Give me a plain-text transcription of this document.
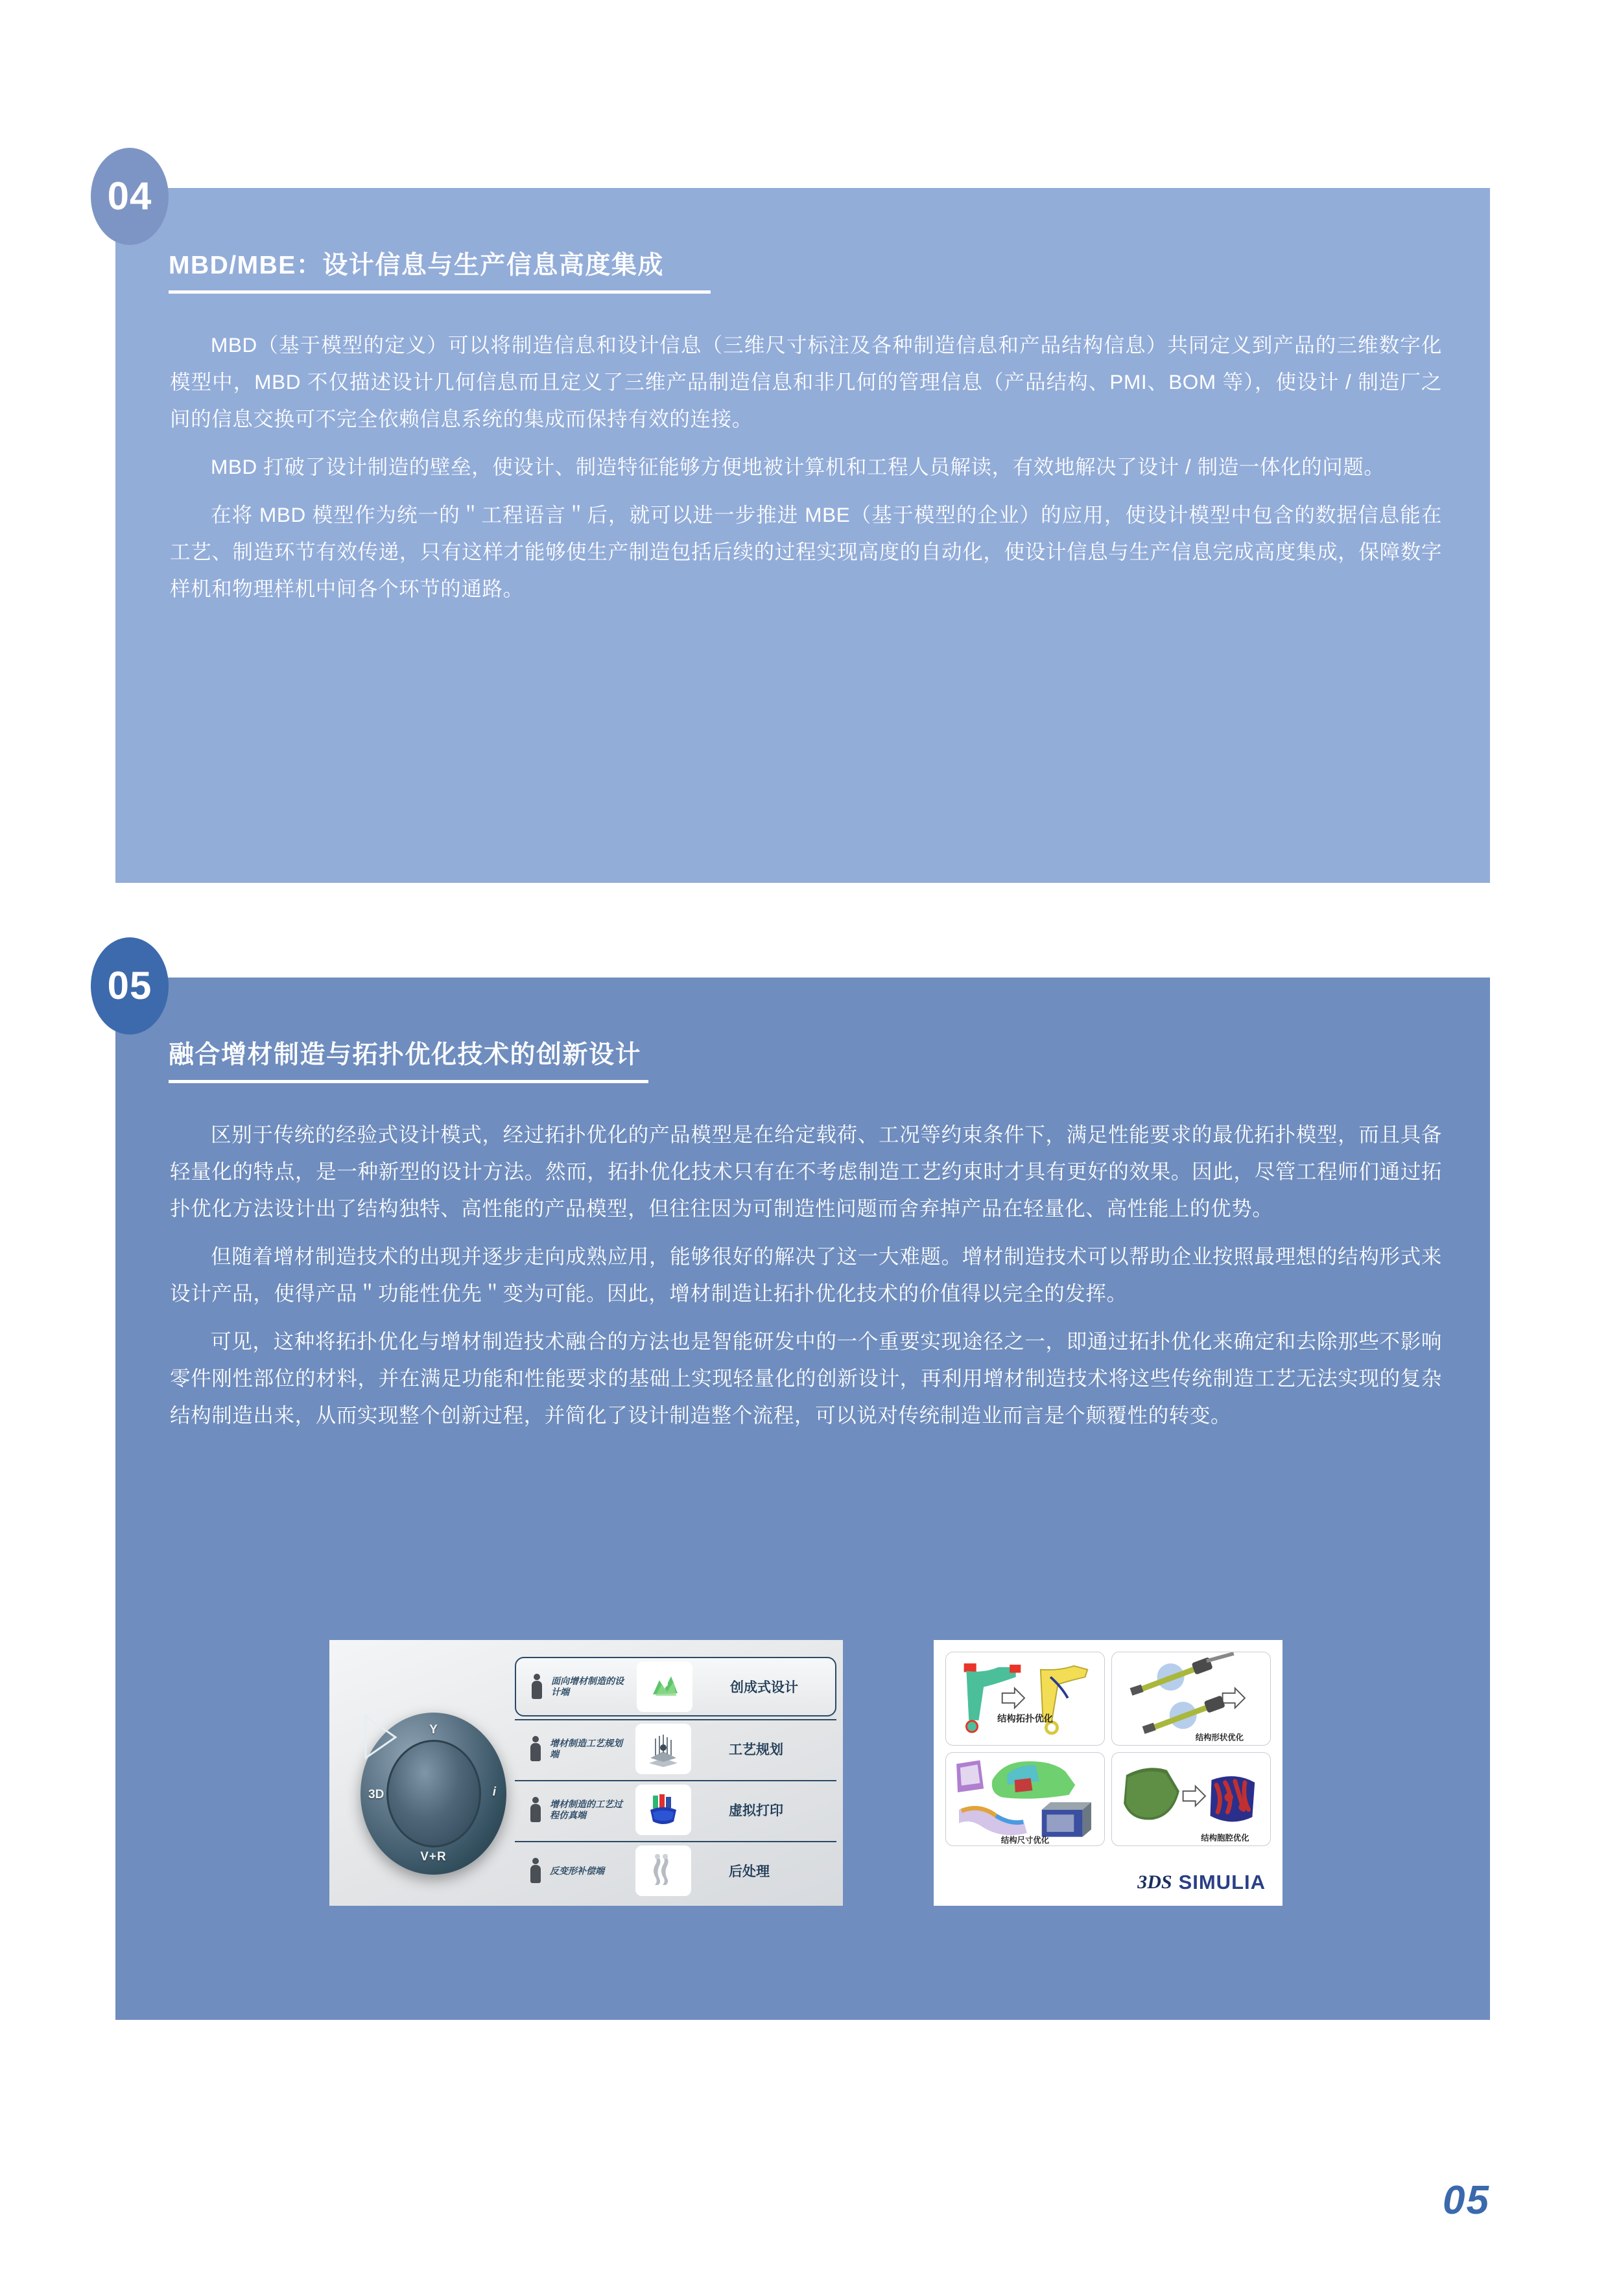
04
MBD/MBE：设计信息与生产信息高度集成

MBD（基于模型的定义）可以将制造信息和设计信息（三维尺寸标注及各种制造信息和产品结构信息）共同定义到产品的三维数字化模型中，MBD 不仅描述设计几何信息而且定义了三维产品制造信息和非几何的管理信息（产品结构、PMI、BOM 等），使设计 / 制造厂之间的信息交换可不完全依赖信息系统的集成而保持有效的连接。

MBD 打破了设计制造的壁垒，使设计、制造特征能够方便地被计算机和工程人员解读，有效地解决了设计 / 制造一体化的问题。

在将 MBD 模型作为统一的＂工程语言＂后，就可以进一步推进 MBE（基于模型的企业）的应用，使设计模型中包含的数据信息能在工艺、制造环节有效传递，只有这样才能够使生产制造包括后续的过程实现高度的自动化，使设计信息与生产信息完成高度集成，保障数字样机和物理样机中间各个环节的通路。

05
融合增材制造与拓扑优化技术的创新设计

区别于传统的经验式设计模式，经过拓扑优化的产品模型是在给定载荷、工况等约束条件下，满足性能要求的最优拓扑模型，而且具备轻量化的特点，是一种新型的设计方法。然而，拓扑优化技术只有在不考虑制造工艺约束时才具有更好的效果。因此，尽管工程师们通过拓扑优化方法设计出了结构独特、高性能的产品模型，但往往因为可制造性问题而舍弃掉产品在轻量化、高性能上的优势。

但随着增材制造技术的出现并逐步走向成熟应用，能够很好的解决了这一大难题。增材制造技术可以帮助企业按照最理想的结构形式来设计产品，使得产品＂功能性优先＂变为可能。因此，增材制造让拓扑优化技术的价值得以完全的发挥。

可见，这种将拓扑优化与增材制造技术融合的方法也是智能研发中的一个重要实现途径之一，即通过拓扑优化来确定和去除那些不影响零件刚性部位的材料，并在满足功能和性能要求的基础上实现轻量化的创新设计，再利用增材制造技术将这些传统制造工艺无法实现的复杂结构制造出来，从而实现整个创新过程，并简化了设计制造整个流程，可以说对传统制造业而言是个颠覆性的转变。

3D	i
V+R
Y
面向增材制造的设计端	创成式设计
增材制造工艺规划端	工艺规划
增材制造的工艺过程仿真端	虚拟打印
反变形补偿端	后处理
结构拓扑优化
结构形状优化
结构尺寸优化	结构胞腔优化
3DS SIMULIA
05
